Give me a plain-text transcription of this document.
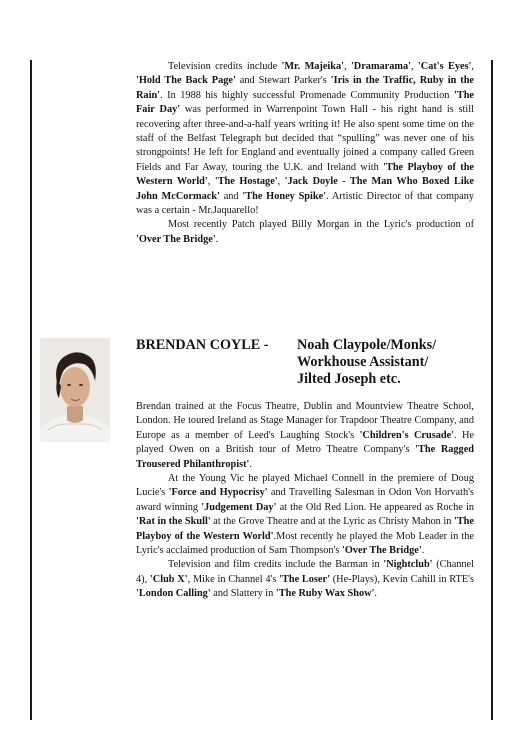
Television credits include 'Mr. Majeika', 'Dramarama', 'Cat's Eyes', 'Hold The Back Page' and Stewart Parker's 'Iris in the Traffic, Ruby in the Rain'. In 1988 his highly successful Promenade Community Production 'The Fair Day' was performed in Warrenpoint Town Hall - his right hand is still recovering after three-and-a-half years writing it! He also spent some time on the staff of the Belfast Telegraph but decided that “spulling” was never one of his strongpoints! He left for England and eventually joined a company called Green Fields and Far Away, touring the U.K. and Ireland with 'The Playboy of the Western World', 'The Hostage', 'Jack Doyle - The Man Who Boxed Like John McCormack' and 'The Honey Spike'. Artistic Director of that company was a certain - Mr.Jaquarello!

Most recently Patch played Billy Morgan in the Lyric's production of 'Over The Bridge'.

BRENDAN COYLE - Noah Claypole/Monks/
Workhouse Assistant/
Jilted Joseph etc.

Brendan trained at the Focus Theatre, Dublin and Mountview Theatre School, London. He toured Ireland as Stage Manager for Trapdoor Theatre Company, and Europe as a member of Leed's Laughing Stock's 'Children's Crusade'. He played Owen on a British tour of Metro Theatre Company's 'The Ragged Trousered Philanthropist'.

At the Young Vic he played Michael Connell in the premiere of Doug Lucie's 'Force and Hypocrisy' and Travelling Salesman in Odon Von Horvath's award winning 'Judgement Day' at the Old Red Lion. He appeared as Roche in 'Rat in the Skull' at the Grove Theatre and at the Lyric as Christy Mahon in 'The Playboy of the Western World'.Most recently he played the Mob Leader in the Lyric's acclaimed production of Sam Thompson's 'Over The Bridge'.

Television and film credits include the Barman in 'Nightclub' (Channel 4), 'Club X', Mike in Channel 4's 'The Loser' (He-Plays), Kevin Cahill in RTE's 'London Calling' and Slattery in 'The Ruby Wax Show'.
